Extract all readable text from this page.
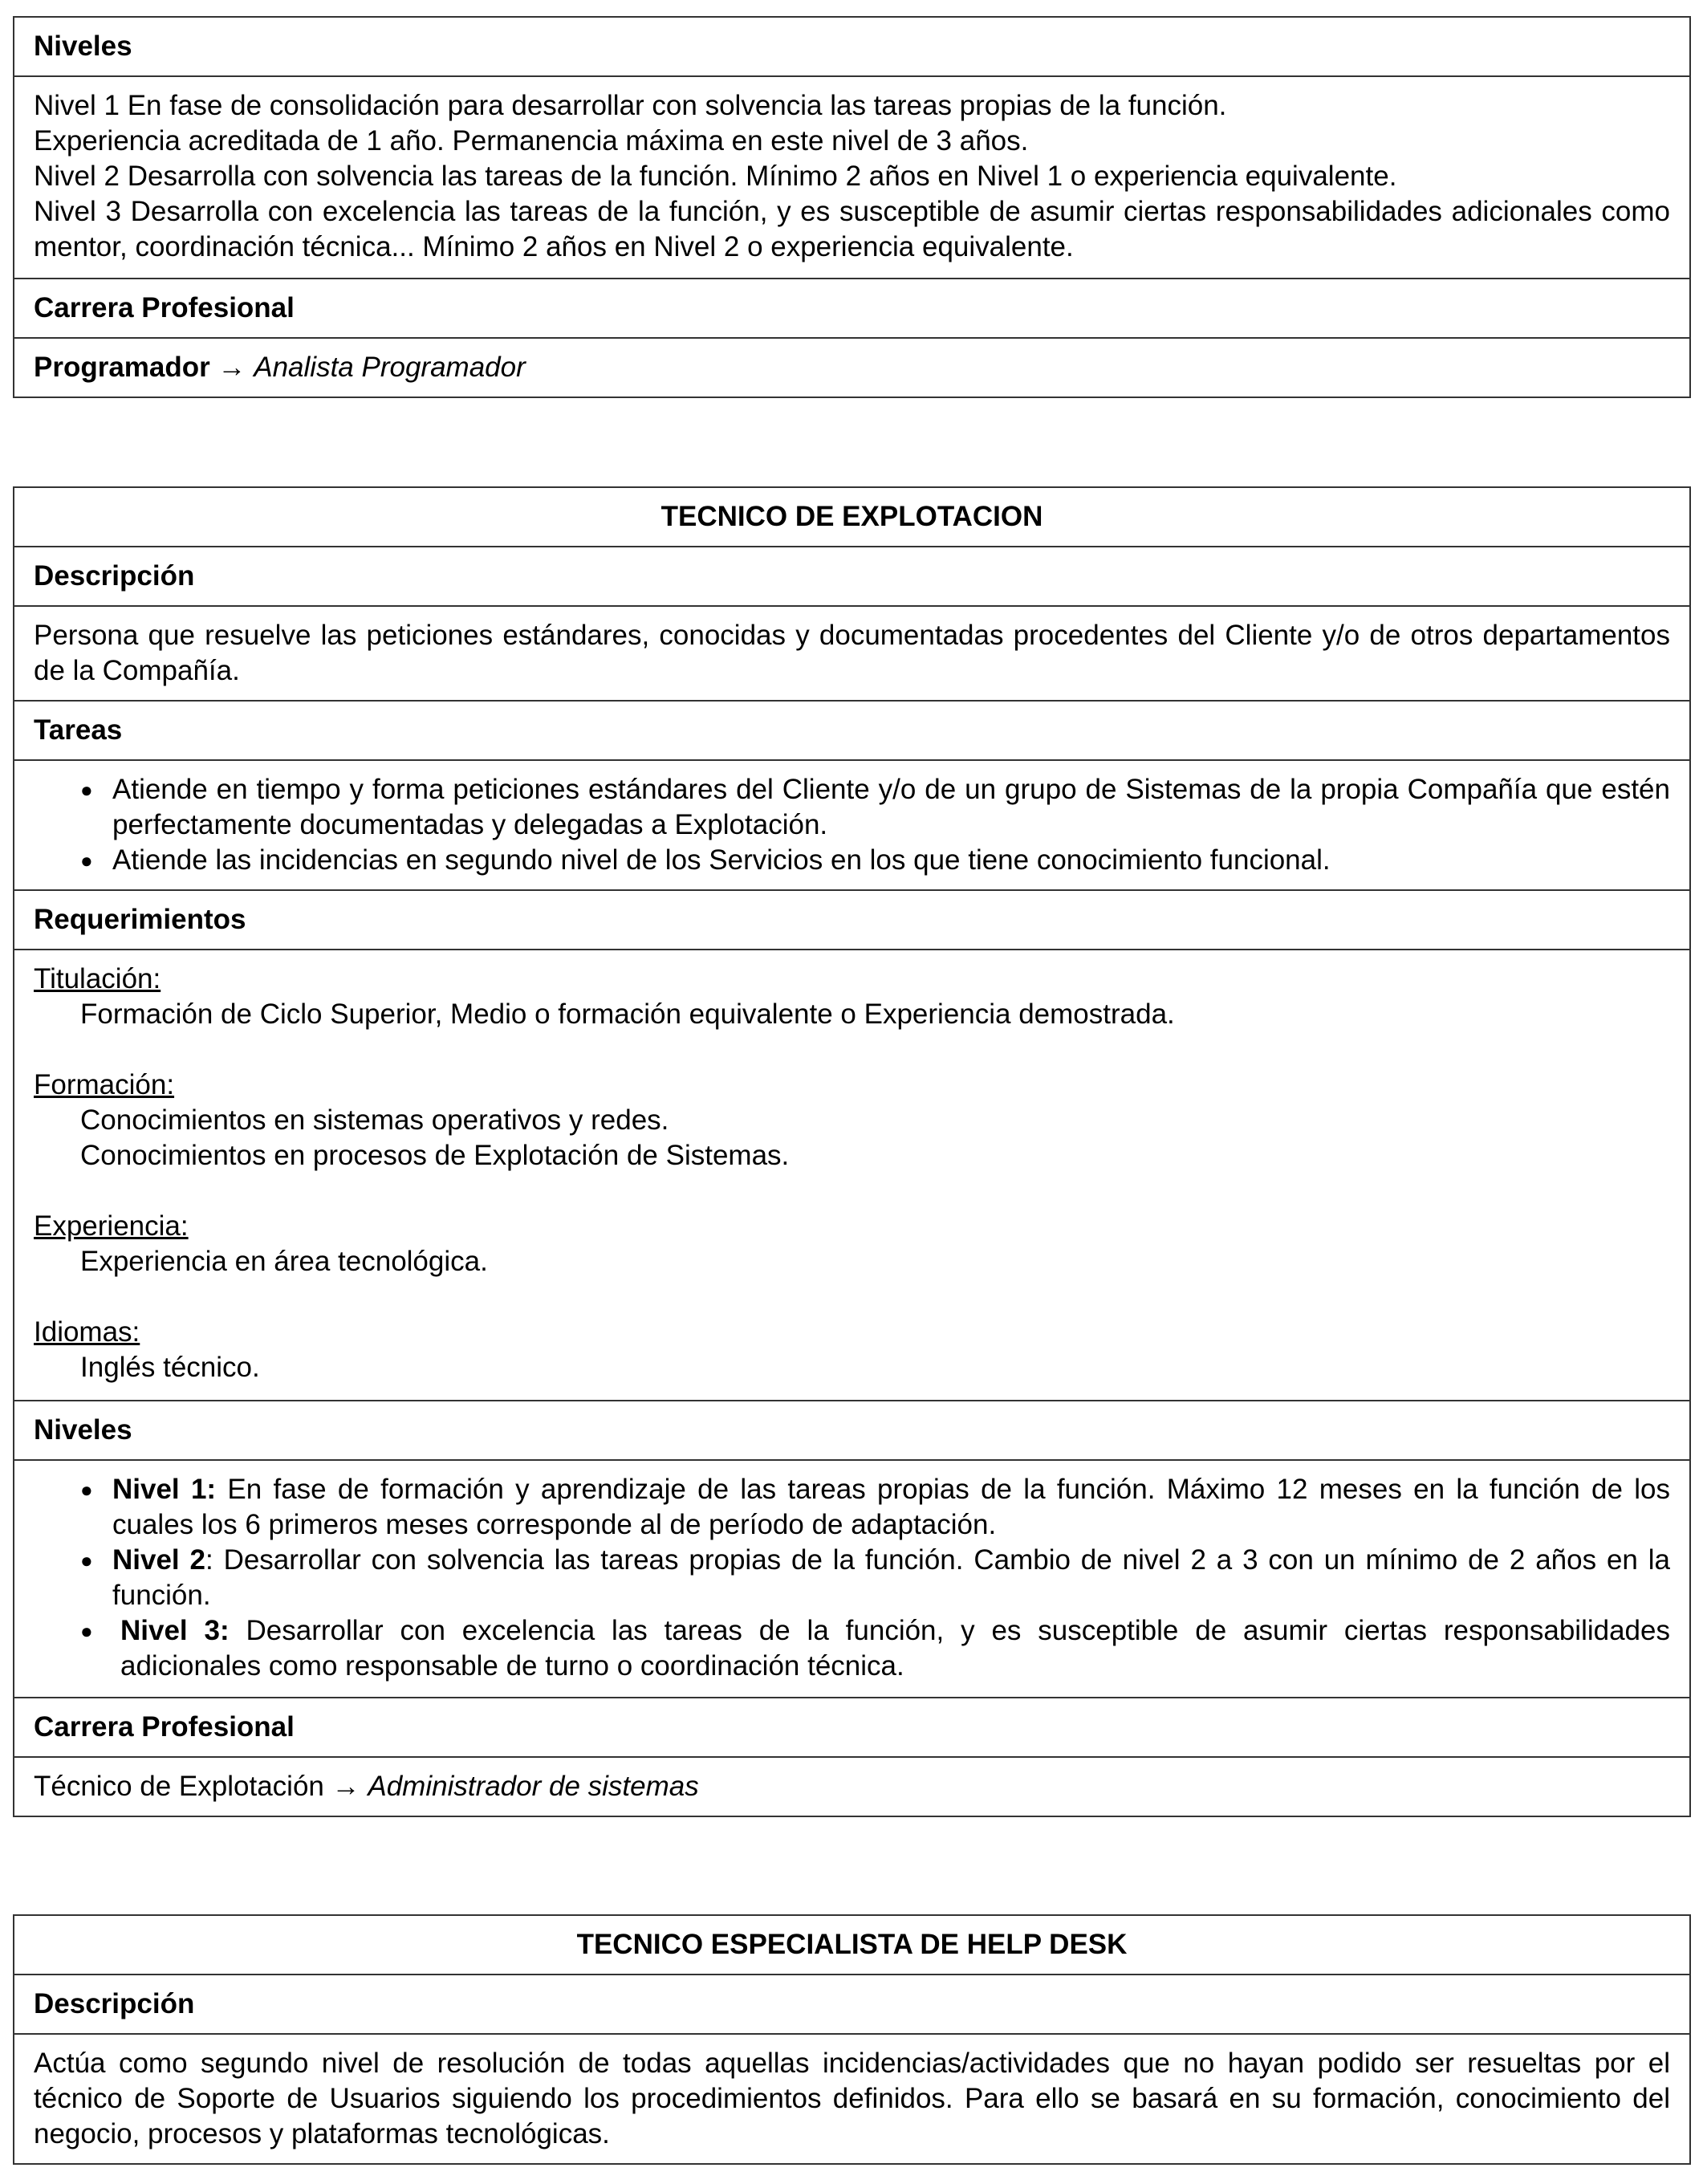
Niveles
Nivel 1 En fase de consolidación para desarrollar con solvencia las tareas propias de la función.
Experiencia acreditada de 1 año. Permanencia máxima en este nivel de 3 años.
Nivel 2 Desarrolla con solvencia las tareas de la función. Mínimo 2 años en Nivel 1 o experiencia equivalente.
Nivel 3 Desarrolla con excelencia las tareas de la función, y es susceptible de asumir ciertas responsabilidades adicionales como mentor, coordinación técnica... Mínimo 2 años en Nivel 2 o experiencia equivalente.
Carrera Profesional
Programador
→
Analista Programador
TECNICO DE EXPLOTACION
Descripción
Persona que resuelve las peticiones estándares, conocidas y documentadas procedentes del Cliente y/o de otros departamentos de la Compañía.
Tareas
● Atiende en tiempo y forma peticiones estándares del Cliente y/o de un grupo de Sistemas de la propia Compañía que estén perfectamente documentadas y delegadas a Explotación.
● Atiende las incidencias en segundo nivel de los Servicios en los que tiene conocimiento funcional.
Requerimientos
Titulación:
Formación de Ciclo Superior, Medio o formación equivalente o Experiencia demostrada.
Formación:
Conocimientos en sistemas operativos y redes.
Conocimientos en procesos de Explotación de Sistemas.
Experiencia:
Experiencia en área tecnológica.
Idiomas:
Inglés técnico.
Niveles
● Nivel 1: En fase de formación y aprendizaje de las tareas propias de la función. Máximo 12 meses en la función de los cuales los 6 primeros meses corresponde al de período de adaptación.
● Nivel 2: Desarrollar con solvencia las tareas propias de la función. Cambio de nivel 2 a 3 con un mínimo de 2 años en la función.
● Nivel 3: Desarrollar con excelencia las tareas de la función, y es susceptible de asumir ciertas responsabilidades adicionales como responsable de turno o coordinación técnica.
Carrera Profesional
Técnico de Explotación
→
Administrador de sistemas
TECNICO ESPECIALISTA DE HELP DESK
Descripción
Actúa como segundo nivel de resolución de todas aquellas incidencias/actividades que no hayan podido ser resueltas por el técnico de Soporte de Usuarios siguiendo los procedimientos definidos. Para ello se basará en su formación, conocimiento del negocio, procesos y plataformas tecnológicas.
